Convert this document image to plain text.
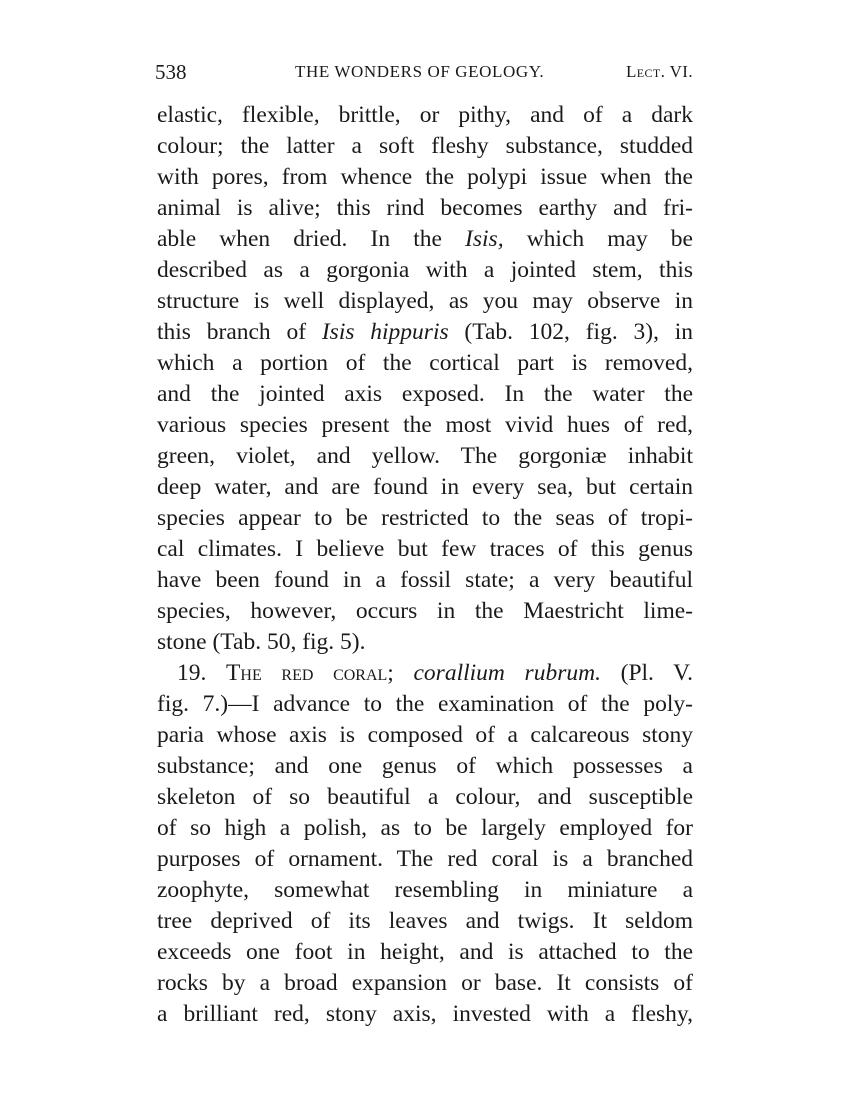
538	THE WONDERS OF GEOLOGY.	Lect. VI.
elastic, flexible, brittle, or pithy, and of a dark
colour; the latter a soft fleshy substance, studded
with pores, from whence the polypi issue when the
animal is alive; this rind becomes earthy and fri-
able when dried. In the Isis, which may be
described as a gorgonia with a jointed stem, this
structure is well displayed, as you may observe in
this branch of Isis hippuris (Tab. 102, fig. 3), in
which a portion of the cortical part is removed,
and the jointed axis exposed. In the water the
various species present the most vivid hues of red,
green, violet, and yellow. The gorgoniæ inhabit
deep water, and are found in every sea, but certain
species appear to be restricted to the seas of tropi-
cal climates. I believe but few traces of this genus
have been found in a fossil state; a very beautiful
species, however, occurs in the Maestricht lime-
stone (Tab. 50, fig. 5).
19. The red coral; corallium rubrum. (Pl. V.
fig. 7.)—I advance to the examination of the poly-
paria whose axis is composed of a calcareous stony
substance; and one genus of which possesses a
skeleton of so beautiful a colour, and susceptible
of so high a polish, as to be largely employed for
purposes of ornament. The red coral is a branched
zoophyte, somewhat resembling in miniature a
tree deprived of its leaves and twigs. It seldom
exceeds one foot in height, and is attached to the
rocks by a broad expansion or base. It consists of
a brilliant red, stony axis, invested with a fleshy,
